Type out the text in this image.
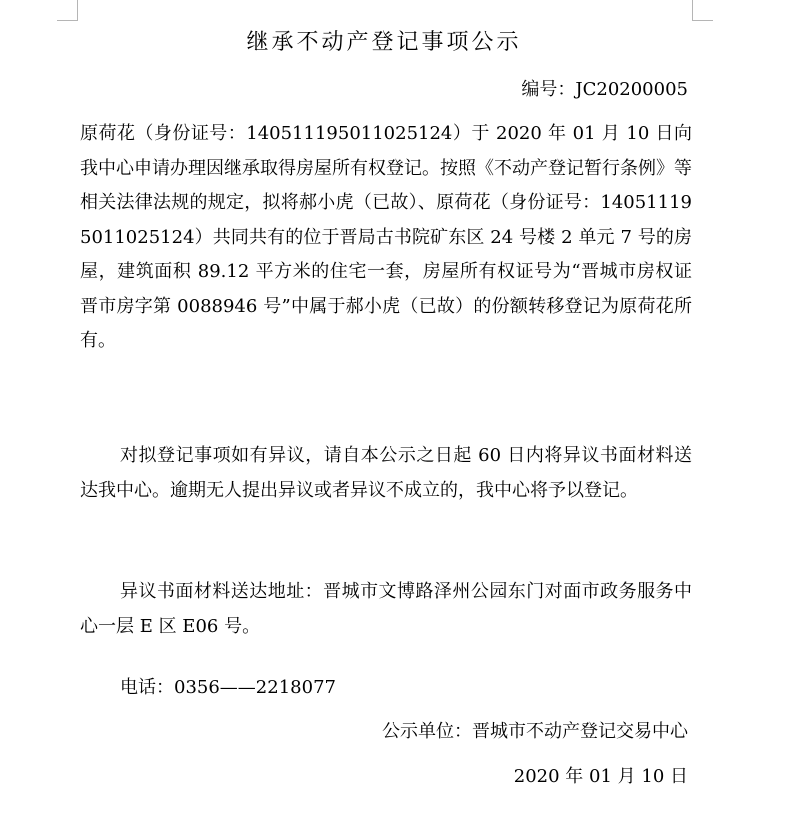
继承不动产登记事项公示
编号：JC20200005
原荷花（身份证号：140511195011025124）于 2020 年 01 月 10 日向我中心申请办理因继承取得房屋所有权登记。按照《不动产登记暂行条例》等相关法律法规的规定，拟将郝小虎（已故）、原荷花（身份证号：140511195011025124）共同共有的位于晋局古书院矿东区 24 号楼 2 单元 7 号的房屋，建筑面积 89.12 平方米的住宅一套，房屋所有权证号为“晋城市房权证晋市房字第 0088946 号”中属于郝小虎（已故）的份额转移登记为原荷花所有。
对拟登记事项如有异议，请自本公示之日起 60 日内将异议书面材料送达我中心。逾期无人提出异议或者异议不成立的，我中心将予以登记。
异议书面材料送达地址：晋城市文博路泽州公园东门对面市政务服务中心一层 E 区 E06 号。
电话：0356——2218077
公示单位：晋城市不动产登记交易中心
2020 年 01 月 10 日
